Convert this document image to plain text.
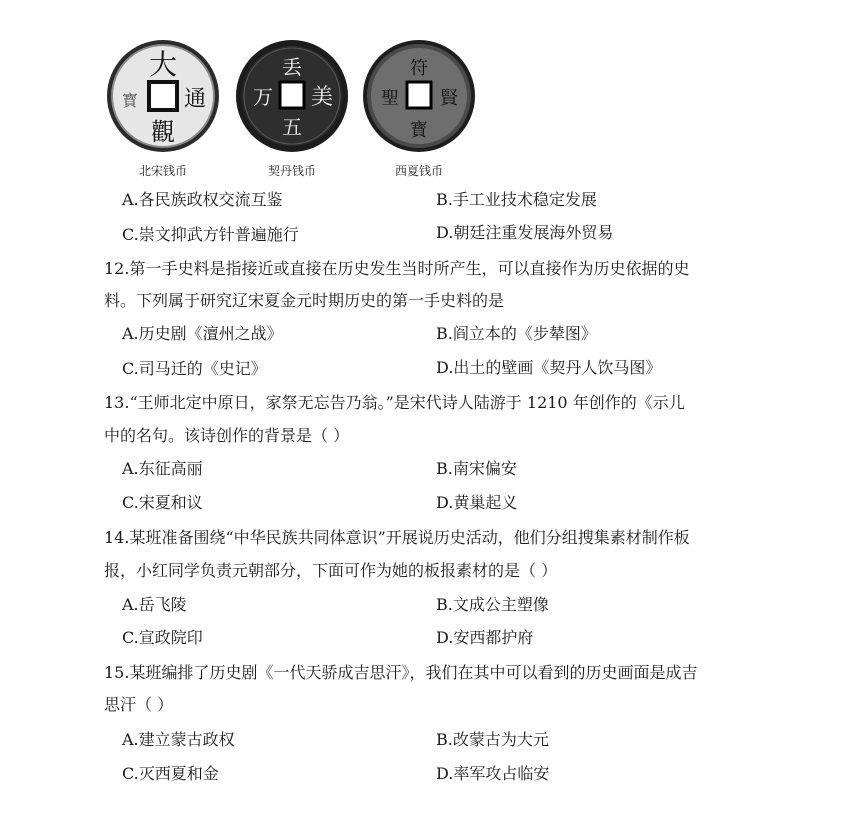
大
通
觀
寳
北宋钱币
丢
美
五
万
契丹钱币
符
賢
寳
聖
西夏钱币
A.各民族政权交流互鉴	B.手工业技术稳定发展
C.崇文抑武方针普遍施行	D.朝廷注重发展海外贸易
12.第一手史料是指接近或直接在历史发生当时所产生，可以直接作为历史依据的史
料。下列属于研究辽宋夏金元时期历史的第一手史料的是
A.历史剧《澶州之战》	B.阎立本的《步辇图》
C.司马迁的《史记》	D.出土的壁画《契丹人饮马图》
13.“王师北定中原日，家祭无忘告乃翁。”是宋代诗人陆游于 1210 年创作的《示儿
中的名句。该诗创作的背景是（ ）
A.东征高丽	B.南宋偏安
C.宋夏和议	D.黄巢起义
14.某班准备围绕“中华民族共同体意识”开展说历史活动，他们分组搜集素材制作板
报，小红同学负责元朝部分，下面可作为她的板报素材的是（ ）
A.岳飞陵	B.文成公主塑像
C.宣政院印	D.安西都护府
15.某班编排了历史剧《一代天骄成吉思汗》，我们在其中可以看到的历史画面是成吉
思汗（ ）
A.建立蒙古政权	B.改蒙古为大元
C.灭西夏和金	D.率军攻占临安
